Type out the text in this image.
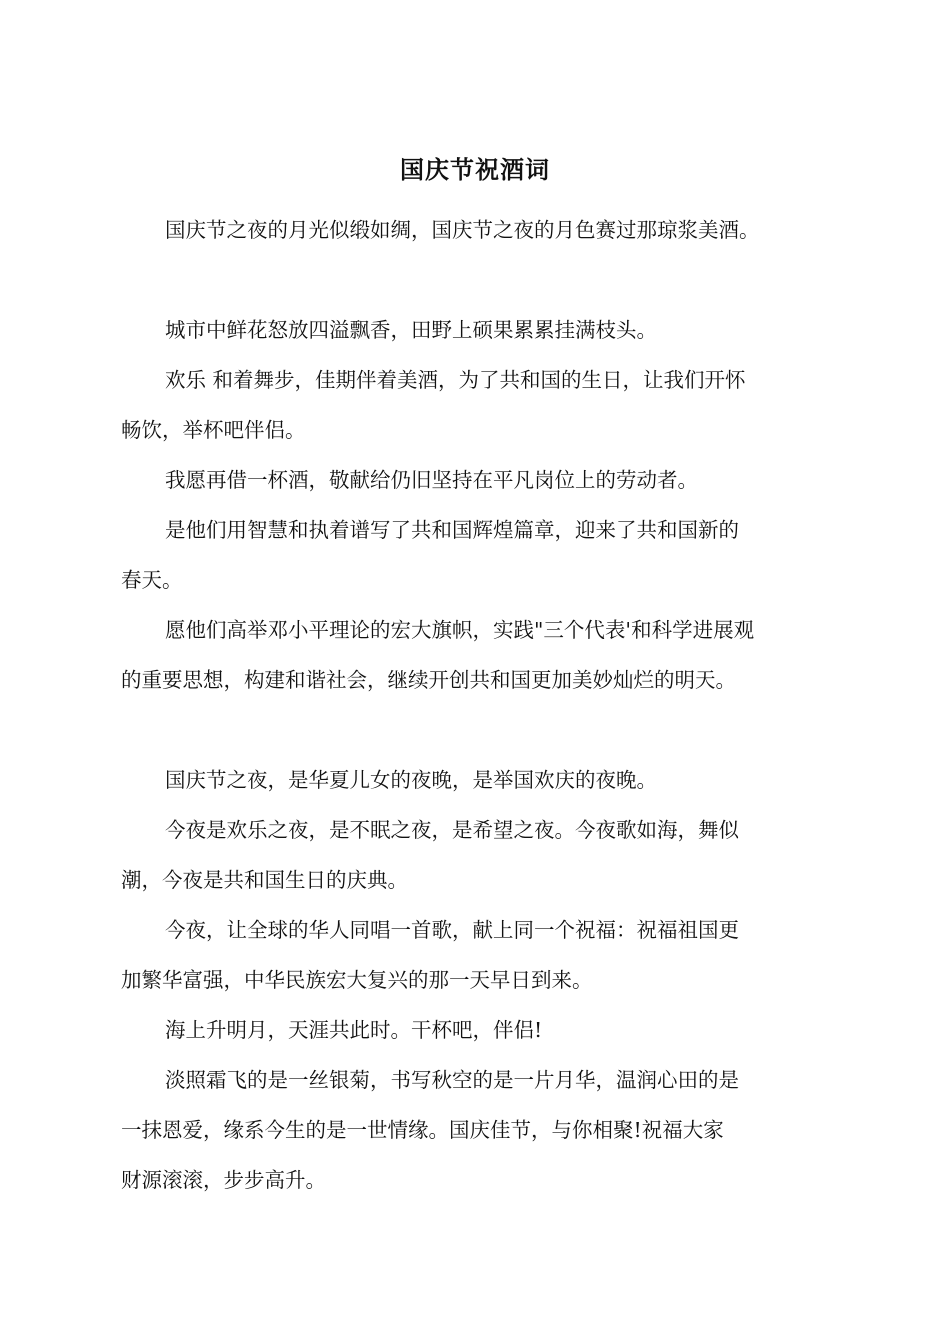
国庆节祝酒词

国庆节之夜的月光似缎如绸，国庆节之夜的月色赛过那琼浆美酒。

城市中鲜花怒放四溢飘香，田野上硕果累累挂满枝头。

欢乐 和着舞步，佳期伴着美酒，为了共和国的生日，让我们开怀
畅饮，举杯吧伴侣。

我愿再借一杯酒，敬献给仍旧坚持在平凡岗位上的劳动者。

是他们用智慧和执着谱写了共和国辉煌篇章，迎来了共和国新的
春天。

愿他们高举邓小平理论的宏大旗帜，实践"三个代表'和科学进展观
的重要思想，构建和谐社会，继续开创共和国更加美妙灿烂的明天。

国庆节之夜，是华夏儿女的夜晚，是举国欢庆的夜晚。

今夜是欢乐之夜，是不眠之夜，是希望之夜。今夜歌如海，舞似
潮，今夜是共和国生日的庆典。

今夜，让全球的华人同唱一首歌，献上同一个祝福：祝福祖国更
加繁华富强，中华民族宏大复兴的那一天早日到来。

海上升明月，天涯共此时。干杯吧，伴侣!

淡照霜飞的是一丝银菊，书写秋空的是一片月华，温润心田的是
一抹恩爱，缘系今生的是一世情缘。国庆佳节，与你相聚!祝福大家
财源滚滚，步步高升。
